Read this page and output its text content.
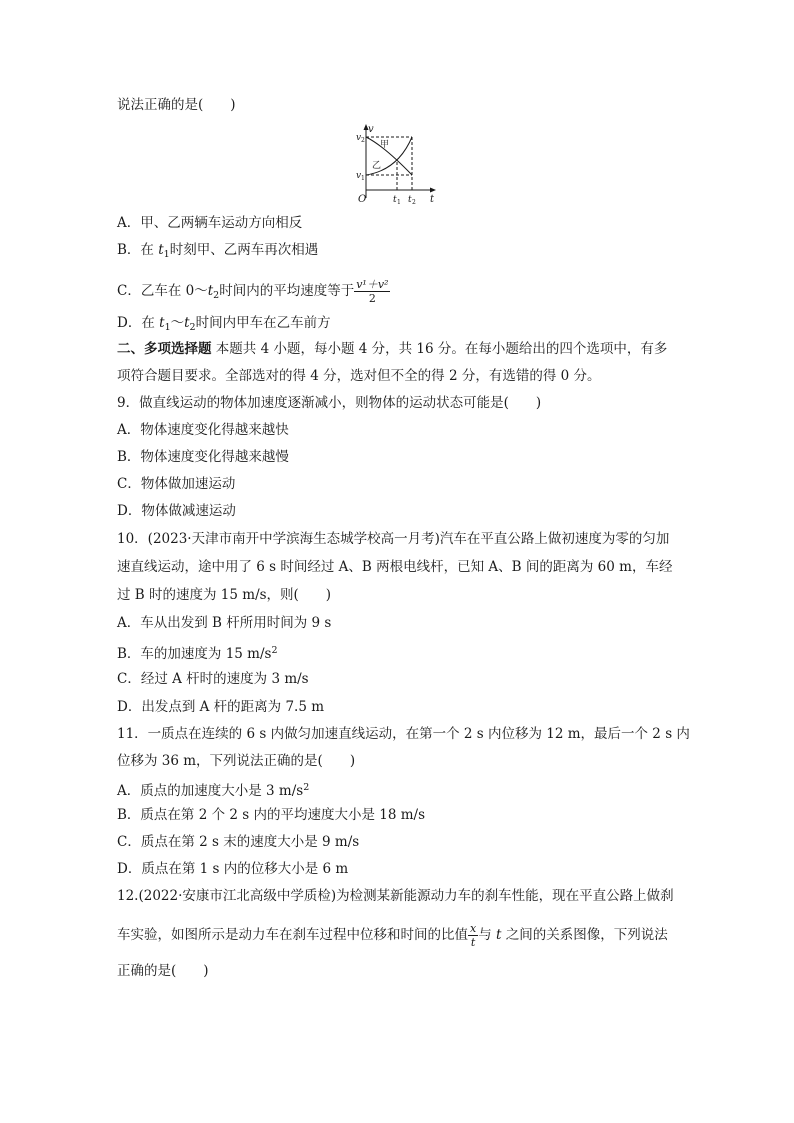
说法正确的是(　　)
v
v 2
v 1
甲
乙
O	t 1 t 2 t
A．甲、乙两辆车运动方向相反
B．在 $t_1$时刻甲、乙两车再次相遇
C．乙车在 $0\sim t_2$时间内的平均速度等于 $\frac{\text{v¹＋v²}}{2}$
D．在 $t_1\sim t_2$时间内甲车在乙车前方
二、多项选择题 本题共 4 小题，每小题 4 分，共 16 分。在每小题给出的四个选项中，有多
项符合题目要求。全部选对的得 4 分，选对但不全的得 2 分，有选错的得 0 分。
9．做直线运动的物体加速度逐渐减小，则物体的运动状态可能是(　　)
A．物体速度变化得越来越快
B．物体速度变化得越来越慢
C．物体做加速运动
D．物体做减速运动
10．(2023·天津市南开中学滨海生态城学校高一月考)汽车在平直公路上做初速度为零的匀加
速直线运动，途中用了 6 s 时间经过 A、B 两根电线杆，已知 A、B 间的距离为 60 m，车经
过 B 时的速度为 15 m/s，则(　　)
A．车从出发到 B 杆所用时间为 9 s
B．车的加速度为 15 $m/s^2$
C．经过 A 杆时的速度为 3 m/s
D．出发点到 A 杆的距离为 7.5 m
11．一质点在连续的 6 s 内做匀加速直线运动，在第一个 2 s 内位移为 12 m，最后一个 2 s 内
位移为 36 m，下列说法正确的是(　　)
A．质点的加速度大小是 3 $m/s^2$
B．质点在第 2 个 2 s 内的平均速度大小是 18 m/s
C．质点在第 2 s 末的速度大小是 9 m/s
D．质点在第 1 s 内的位移大小是 6 m
12.(2022·安康市江北高级中学质检)为检测某新能源动力车的刹车性能，现在平直公路上做刹
车实验，如图所示是动力车在刹车过程中位移和时间的比值 $\frac{x}{t}$ 与 t 之间的关系图像，下列说法
正确的是(　　)
